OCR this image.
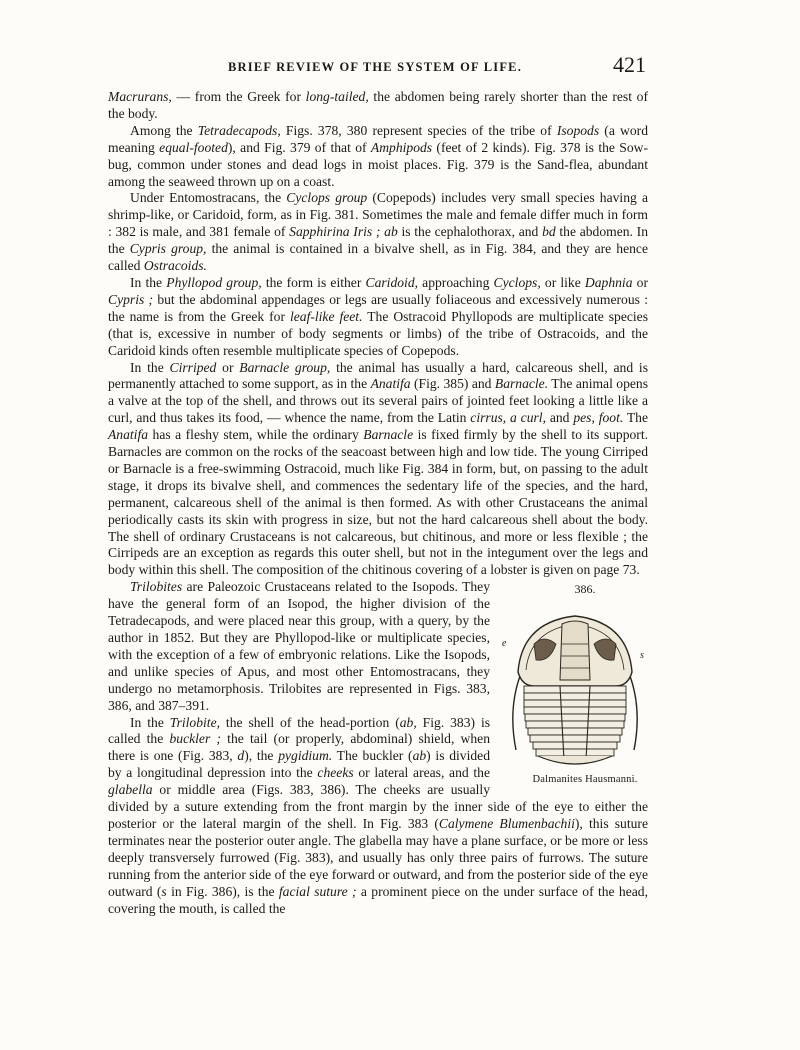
BRIEF REVIEW OF THE SYSTEM OF LIFE.	421

Macrurans, — from the Greek for long-tailed, the abdomen being rarely shorter than the rest of the body.

Among the Tetradecapods, Figs. 378, 380 represent species of the tribe of Isopods (a word meaning equal-footed), and Fig. 379 of that of Amphipods (feet of 2 kinds). Fig. 378 is the Sow-bug, common under stones and dead logs in moist places. Fig. 379 is the Sand-flea, abundant among the seaweed thrown up on a coast.

Under Entomostracans, the Cyclops group (Copepods) includes very small species having a shrimp-like, or Caridoid, form, as in Fig. 381. Sometimes the male and female differ much in form : 382 is male, and 381 female of Sapphirina Iris ; ab is the cephalothorax, and bd the abdomen. In the Cypris group, the animal is contained in a bivalve shell, as in Fig. 384, and they are hence called Ostracoids.

In the Phyllopod group, the form is either Caridoid, approaching Cyclops, or like Daphnia or Cypris ; but the abdominal appendages or legs are usually foliaceous and excessively numerous : the name is from the Greek for leaf-like feet. The Ostracoid Phyllopods are multiplicate species (that is, excessive in number of body segments or limbs) of the tribe of Ostracoids, and the Caridoid kinds often resemble multiplicate species of Copepods.

In the Cirriped or Barnacle group, the animal has usually a hard, calcareous shell, and is permanently attached to some support, as in the Anatifa (Fig. 385) and Barnacle. The animal opens a valve at the top of the shell, and throws out its several pairs of jointed feet looking a little like a curl, and thus takes its food, — whence the name, from the Latin cirrus, a curl, and pes, foot. The Anatifa has a fleshy stem, while the ordinary Barnacle is fixed firmly by the shell to its support. Barnacles are common on the rocks of the seacoast between high and low tide. The young Cirriped or Barnacle is a free-swimming Ostracoid, much like Fig. 384 in form, but, on passing to the adult stage, it drops its bivalve shell, and commences the sedentary life of the species, and the hard, permanent, calcareous shell of the animal is then formed. As with other Crustaceans the animal periodically casts its skin with progress in size, but not the hard calcareous shell about the body. The shell of ordinary Crustaceans is not calcareous, but chitinous, and more or less flexible ; the Cirripeds are an exception as regards this outer shell, but not in the integument over the legs and body within this shell. The composition of the chitinous covering of a lobster is given on page 73.

386.
e
s
Dalmanites Hausmanni.
Trilobites are Paleozoic Crustaceans related to the Isopods. They have the general form of an Isopod, the higher division of the Tetradecapods, and were placed near this group, with a query, by the author in 1852. But they are Phyllopod-like or multiplicate species, with the exception of a few of embryonic relations. Like the Isopods, and unlike species of Apus, and most other Entomostracans, they undergo no metamorphosis. Trilobites are represented in Figs. 383, 386, and 387–391.

In the Trilobite, the shell of the head-portion (ab, Fig. 383) is called the buckler ; the tail (or properly, abdominal) shield, when there is one (Fig. 383, d), the pygidium. The buckler (ab) is divided by a longitudinal depression into the cheeks or lateral areas, and the glabella or middle area (Figs. 383, 386). The cheeks are usually divided by a suture extending from the front margin by the inner side of the eye to either the posterior or the lateral margin of the shell. In Fig. 383 (Calymene Blumenbachii), this suture terminates near the posterior outer angle. The glabella may have a plane surface, or be more or less deeply transversely furrowed (Fig. 383), and usually has only three pairs of furrows. The suture running from the anterior side of the eye forward or outward, and from the posterior side of the eye outward (s in Fig. 386), is the facial suture ; a prominent piece on the under surface of the head, covering the mouth, is called the
